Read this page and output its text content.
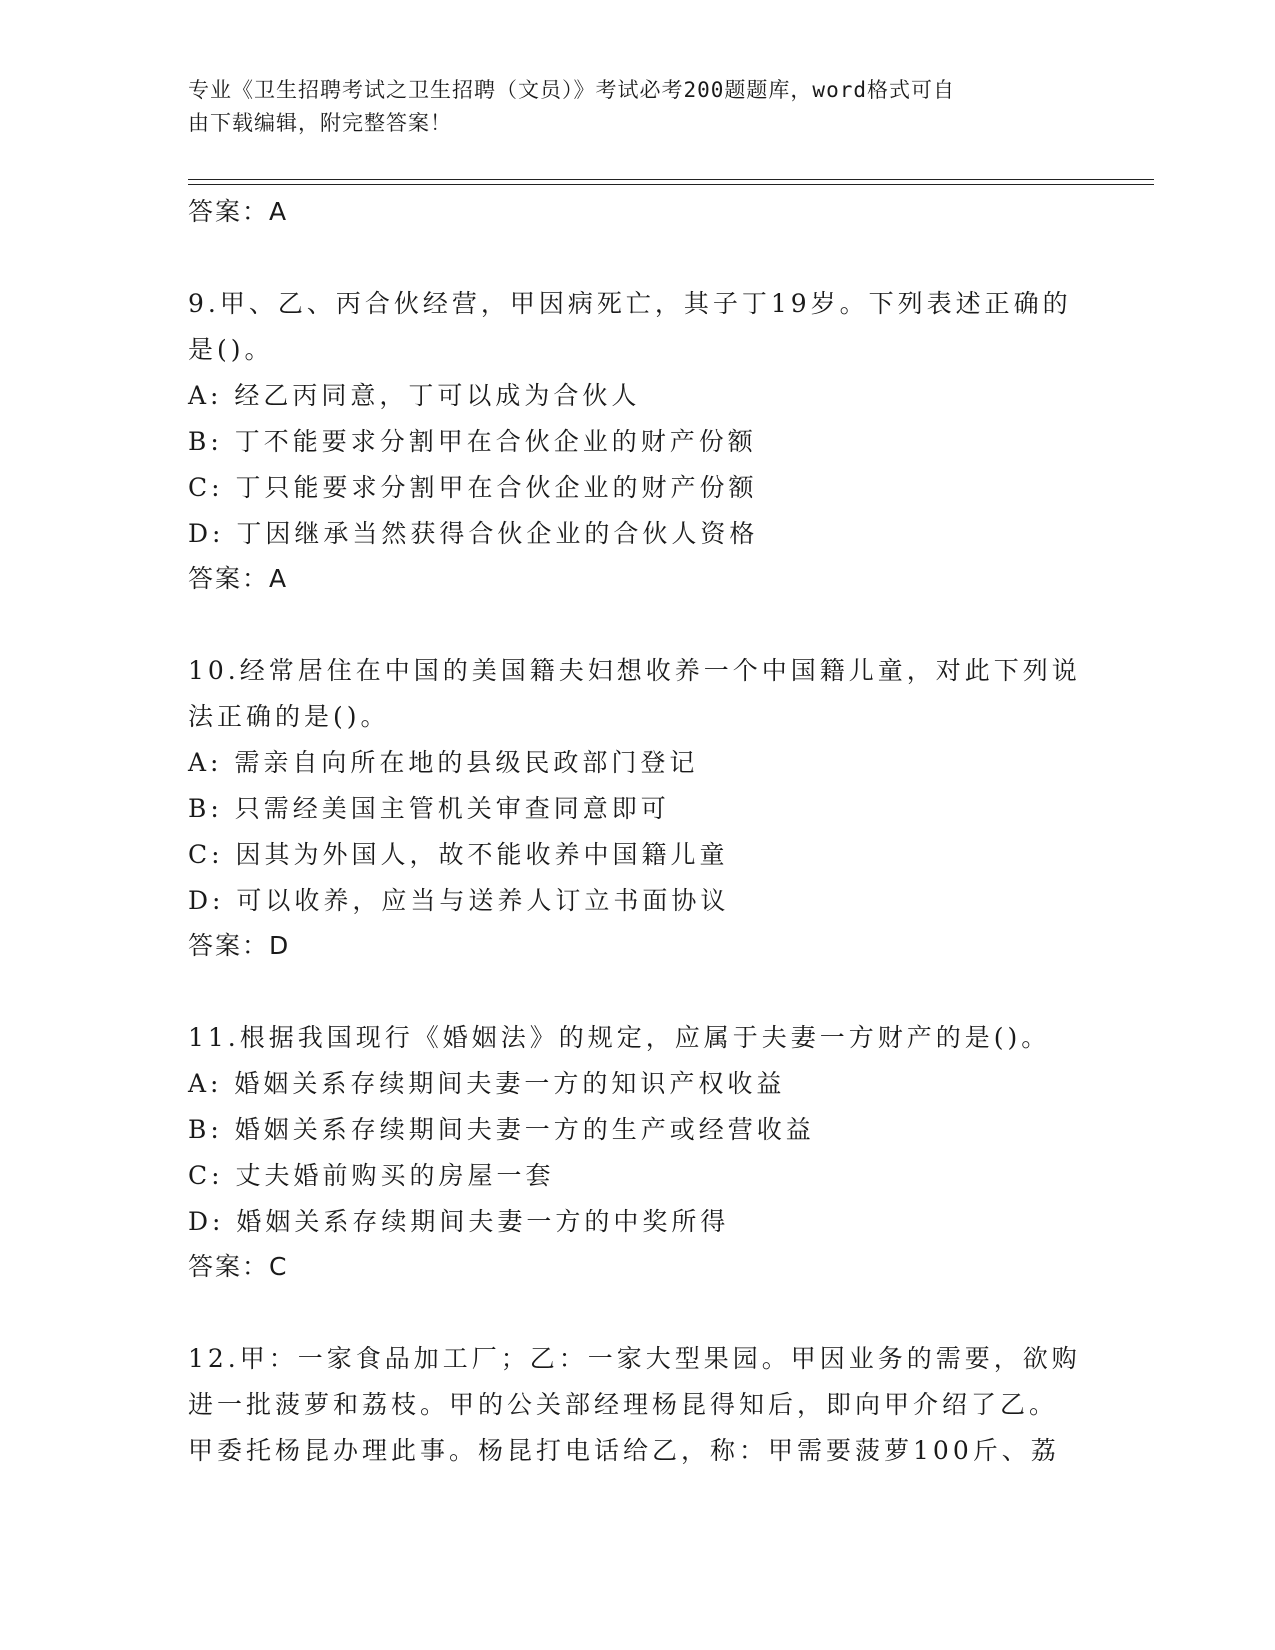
专业《卫生招聘考试之卫生招聘（文员）》考试必考200题题库，word格式可自
由下载编辑，附完整答案！
答案：A
9.甲、乙、丙合伙经营，甲因病死亡，其子丁19岁。下列表述正确的
是()。
A: 经乙丙同意，丁可以成为合伙人
B: 丁不能要求分割甲在合伙企业的财产份额
C: 丁只能要求分割甲在合伙企业的财产份额
D: 丁因继承当然获得合伙企业的合伙人资格
答案：A
10.经常居住在中国的美国籍夫妇想收养一个中国籍儿童，对此下列说
法正确的是()。
A: 需亲自向所在地的县级民政部门登记
B: 只需经美国主管机关审查同意即可
C: 因其为外国人，故不能收养中国籍儿童
D: 可以收养，应当与送养人订立书面协议
答案：D
11.根据我国现行《婚姻法》的规定，应属于夫妻一方财产的是()。
A: 婚姻关系存续期间夫妻一方的知识产权收益
B: 婚姻关系存续期间夫妻一方的生产或经营收益
C: 丈夫婚前购买的房屋一套
D: 婚姻关系存续期间夫妻一方的中奖所得
答案：C
12.甲：一家食品加工厂；乙：一家大型果园。甲因业务的需要，欲购
进一批菠萝和荔枝。甲的公关部经理杨昆得知后，即向甲介绍了乙。
甲委托杨昆办理此事。杨昆打电话给乙，称：甲需要菠萝100斤、荔
